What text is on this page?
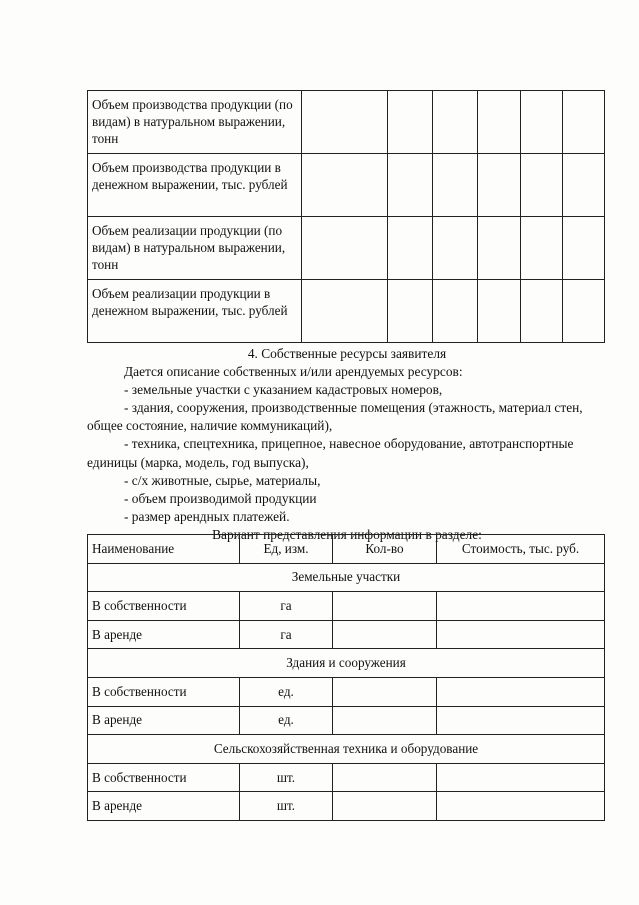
Объем производства продукции (по видам) в натуральном выражении, тонн						
Объем производства продукции в денежном выражении, тыс. рублей						
Объем реализации продукции (по видам) в натуральном выражении, тонн						
Объем реализации продукции в денежном выражении, тыс. рублей						
4. Собственные ресурсы заявителя

Дается описание собственных и/или арендуемых ресурсов:

- земельные участки с указанием кадастровых номеров,

- здания, сооружения, производственные помещения (этажность, материал стен, общее состояние, наличие коммуникаций),

- техника, спецтехника, прицепное, навесное оборудование, автотранспортные единицы (марка, модель, год выпуска),

- с/х животные, сырье, материалы,

- объем производимой продукции

- размер арендных платежей.

Вариант представления информации в разделе:
Наименование	Ед, изм.	Кол-во	Стоимость, тыс. руб.
Земельные участки			
В собственности	га		
В аренде	га		
Здания и сооружения			
В собственности	ед.		
В аренде	ед.		
Сельскохозяйственная техника и оборудование			
В собственности	шт.		
В аренде	шт.		
